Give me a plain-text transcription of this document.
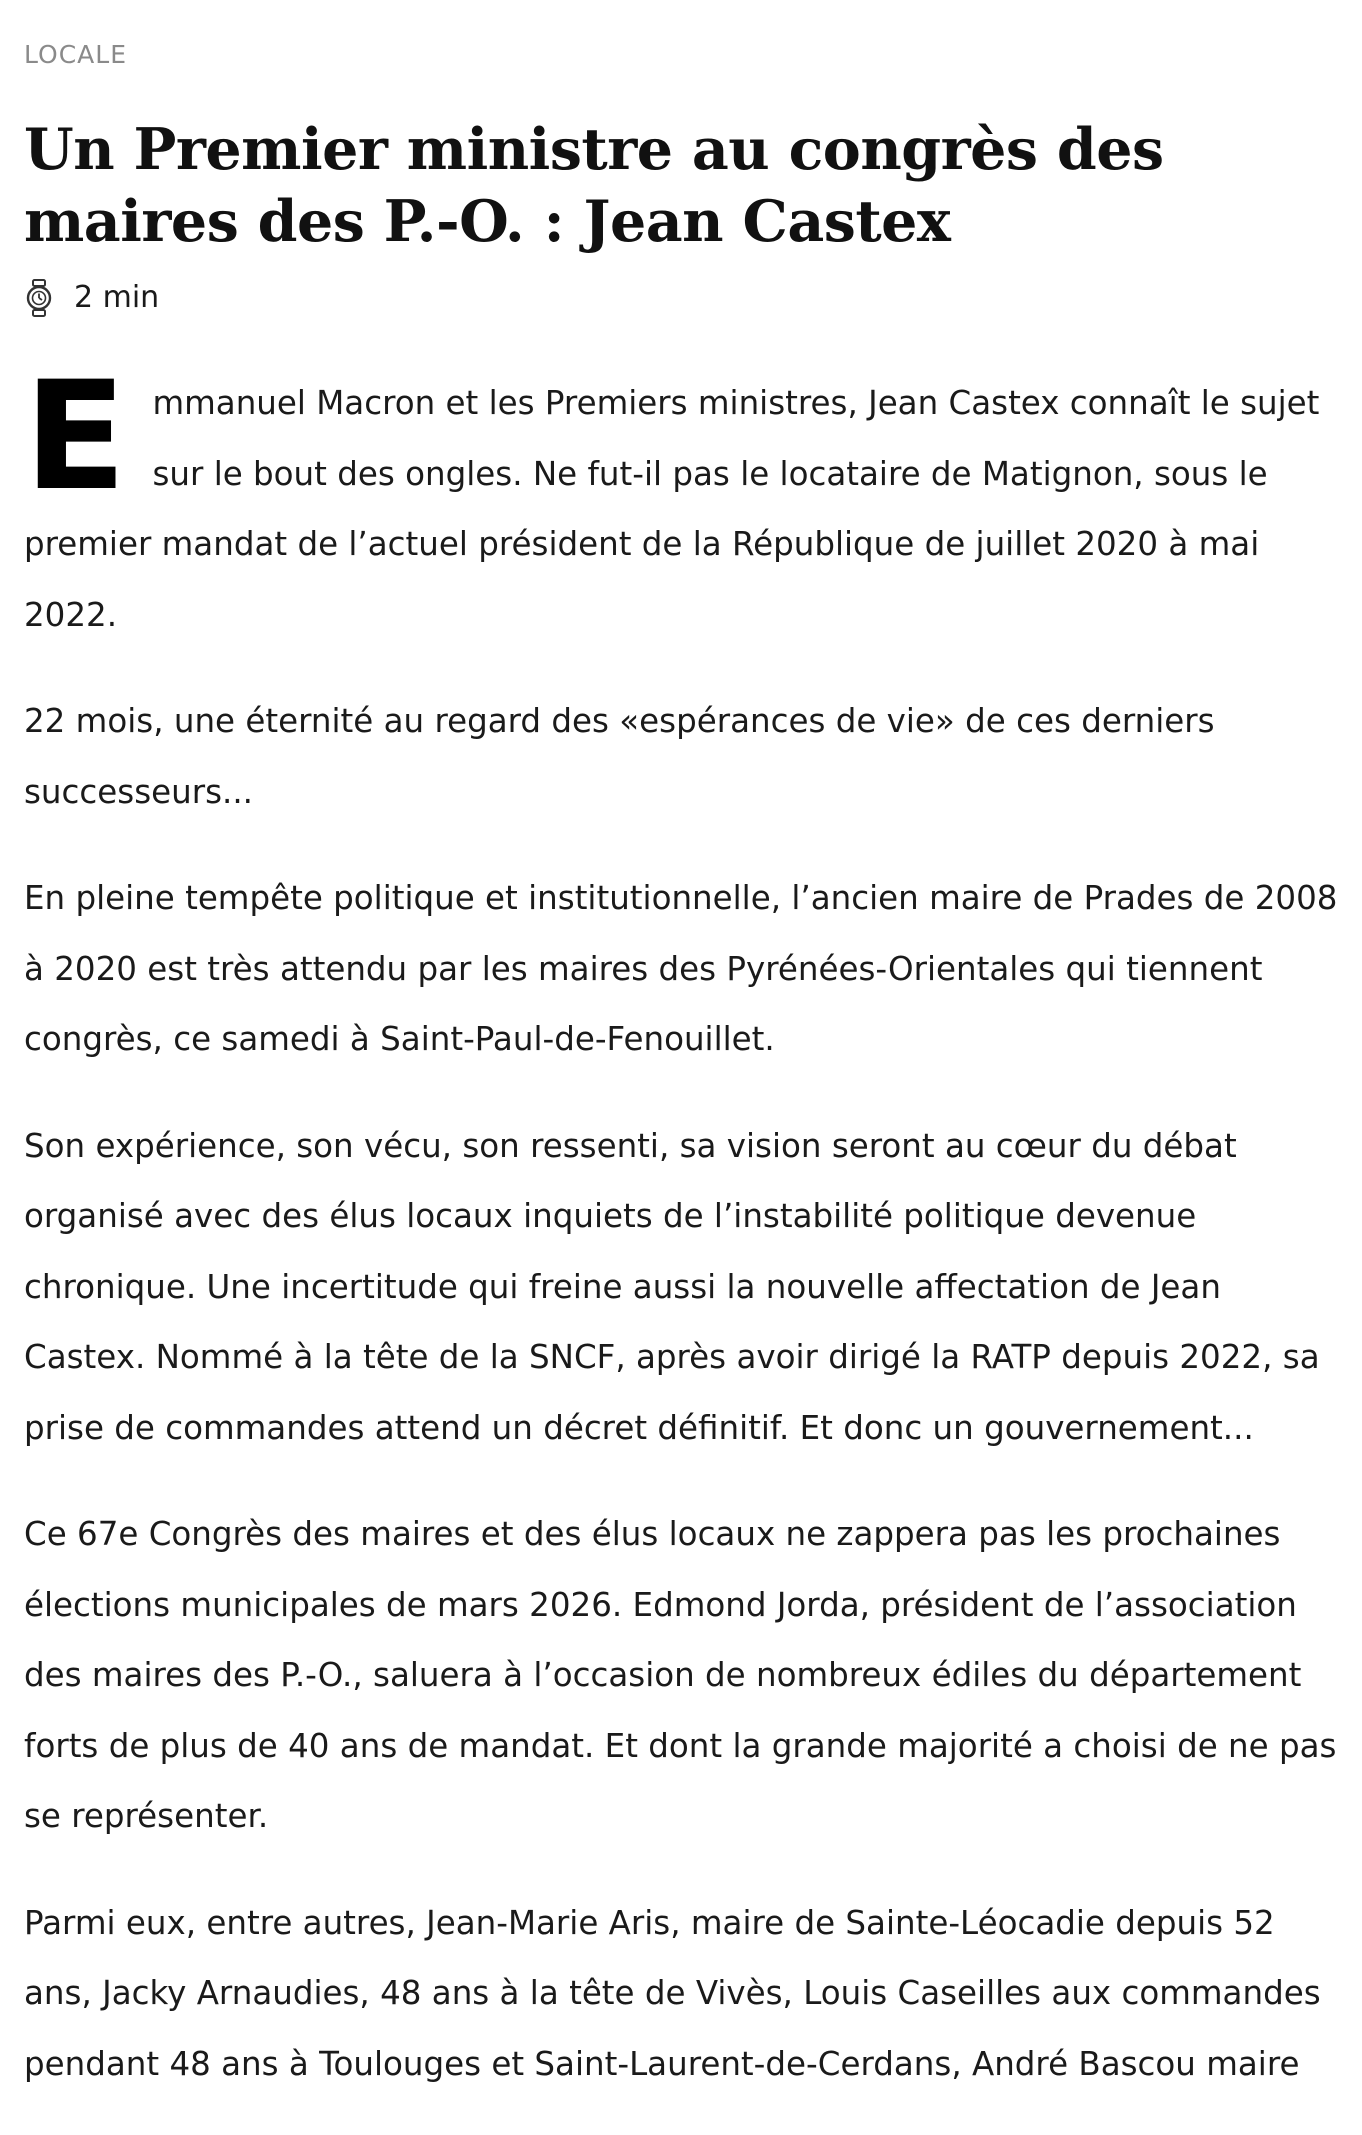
LOCALE
Un Premier ministre au congrès des maires des P.-O. : Jean Castex
2 min

Emmanuel Macron et les Premiers ministres, Jean Castex connaît le sujet sur le bout des ongles. Ne fut-il pas le locataire de Matignon, sous le premier mandat de l’actuel président de la République de juillet 2020 à mai 2022.

22 mois, une éternité au regard des «espérances de vie» de ces derniers successeurs...

En pleine tempête politique et institutionnelle, l’ancien maire de Prades de 2008 à 2020 est très attendu par les maires des Pyrénées-Orientales qui tiennent congrès, ce samedi à Saint-Paul-de-Fenouillet.

Son expérience, son vécu, son ressenti, sa vision seront au cœur du débat organisé avec des élus locaux inquiets de l’instabilité politique devenue chronique. Une incertitude qui freine aussi la nouvelle affectation de Jean Castex. Nommé à la tête de la SNCF, après avoir dirigé la RATP depuis 2022, sa prise de commandes attend un décret définitif. Et donc un gouvernement...

Ce 67e Congrès des maires et des élus locaux ne zappera pas les prochaines élections municipales de mars 2026. Edmond Jorda, président de l’association des maires des P.-O., saluera à l’occasion de nombreux édiles du département forts de plus de 40 ans de mandat. Et dont la grande majorité a choisi de ne pas se représenter.

Parmi eux, entre autres, Jean-Marie Aris, maire de Sainte-Léocadie depuis 52 ans, Jacky Arnaudies, 48 ans à la tête de Vivès, Louis Caseilles aux commandes pendant 48 ans à Toulouges et Saint-Laurent-de-Cerdans, André Bascou maire
